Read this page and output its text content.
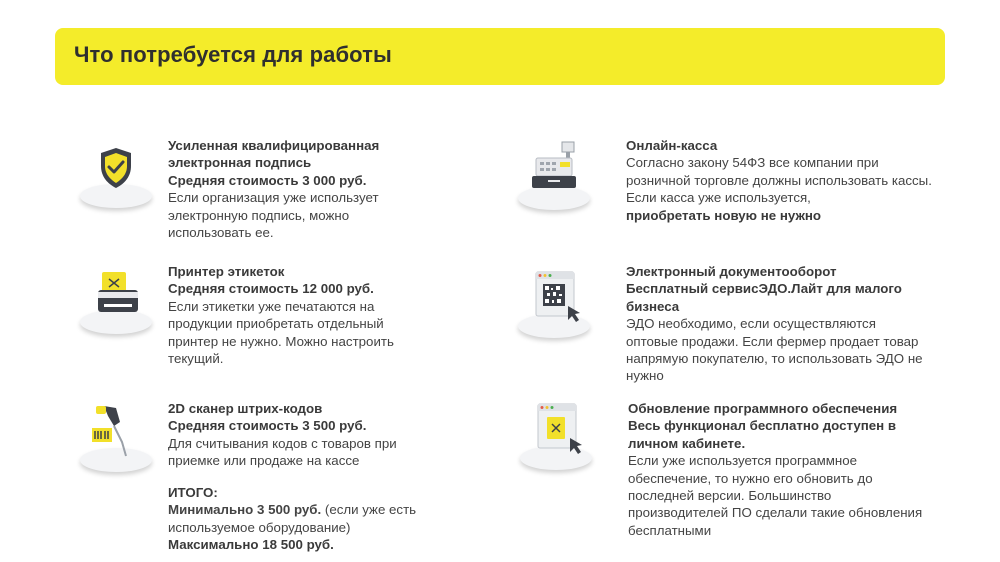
Что потребуется для работы
Усиленная квалифицированная электронная подпись
Средняя стоимость 3 000 руб.
Если организация уже использует электронную подпись, можно использовать ее.
Принтер этикеток
Средняя стоимость 12 000 руб.
Если этикетки уже печатаются на продукции приобретать отдельный принтер не нужно. Можно настроить текущий.
2D сканер штрих-кодов
Средняя стоимость 3 500 руб.
Для считывания кодов с товаров при приемке или продаже на кассе
ИТОГО:
Минимально 3 500 руб. (если уже есть используемое оборудование)
Максимально 18 500 руб.
Онлайн-касса
Согласно закону 54ФЗ все компании при розничной торговле должны использовать кассы. Если касса уже используется,
приобретать новую не нужно
Электронный документооборот
Бесплатный сервисЭДО.Лайт для малого бизнеса
ЭДО необходимо, если осуществляются оптовые продажи. Если фермер продает товар напрямую покупателю, то использовать ЭДО не нужно
Обновление программного обеспечения
Весь функционал бесплатно доступен в личном кабинете.
Если уже используется программное обеспечение, то нужно его обновить до последней версии. Большинство производителей ПО сделали такие обновления бесплатными
